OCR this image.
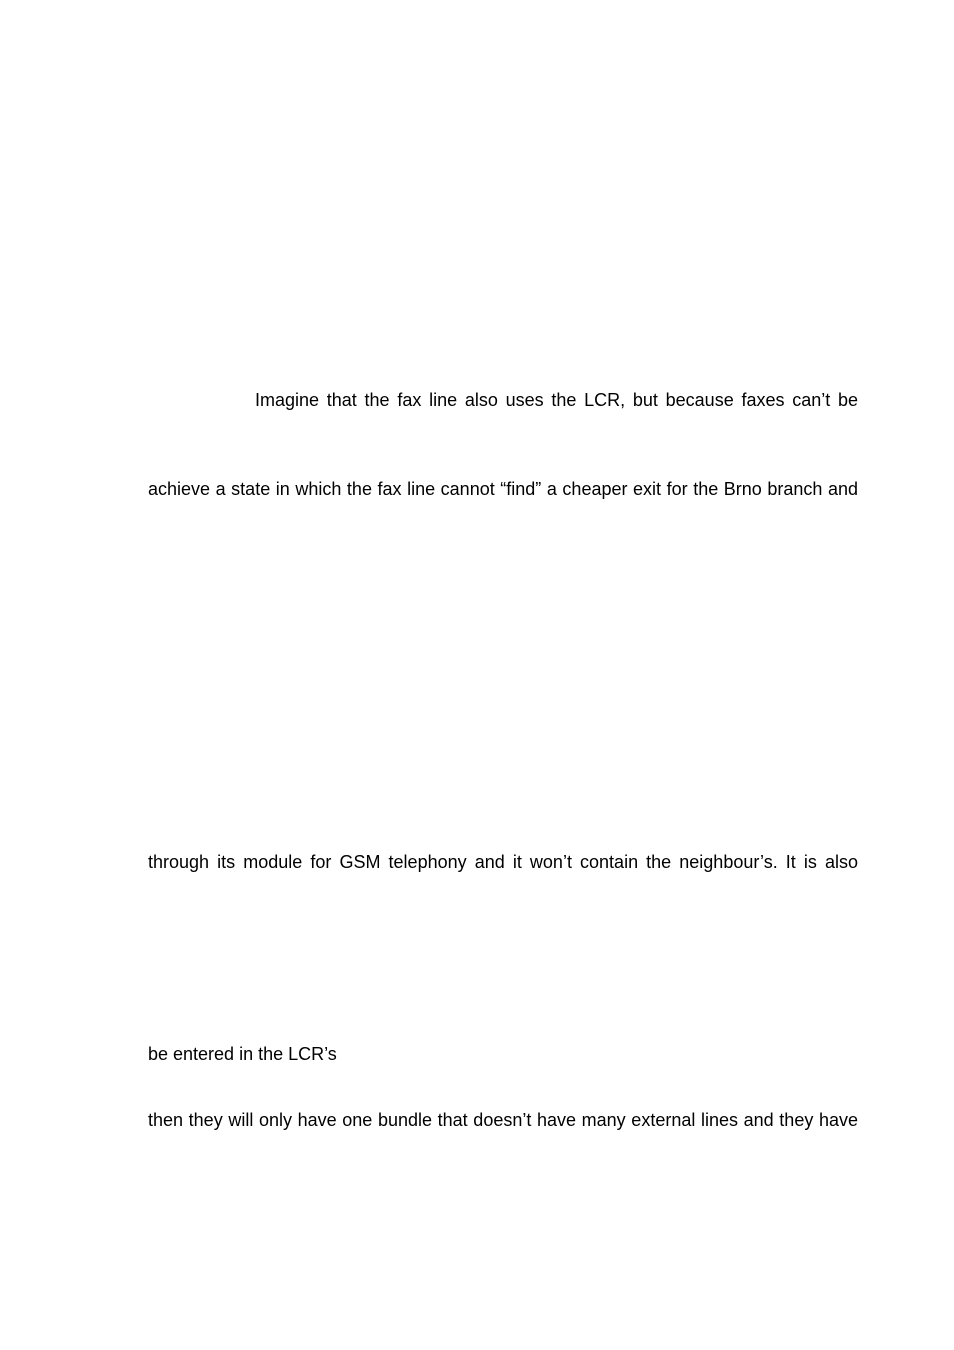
Imagine that the fax line also uses the LCR, but because faxes can’t be
achieve a state in which the fax line cannot “find” a cheaper exit for the Brno branch and
through its module for GSM telephony and it won’t contain the neighbour’s. It is also
be entered in the LCR’s
then they will only have one bundle that doesn’t have many external lines and they have
